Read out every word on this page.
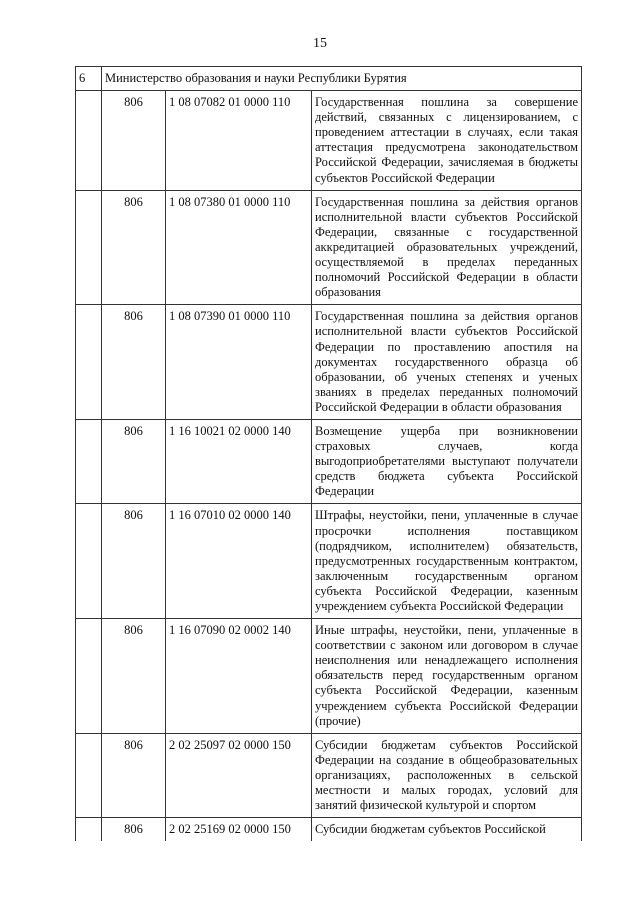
15
6	Министерство образования и науки Республики Бурятия		
	806	1 08 07082 01 0000 110	Государственная пошлина за совершение действий, связанных с лицензированием, с проведением аттестации в случаях, если такая аттестация предусмотрена законодательством Российской Федерации, зачисляемая в бюджеты субъектов Российской Федерации
	806	1 08 07380 01 0000 110	Государственная пошлина за действия органов исполнительной власти субъектов Российской Федерации, связанные с государственной аккредитацией образовательных учреждений, осуществляемой в пределах переданных полномочий Российской Федерации в области образования
	806	1 08 07390 01 0000 110	Государственная пошлина за действия органов исполнительной власти субъектов Российской Федерации по проставлению апостиля на документах государственного образца об образовании, об ученых степенях и ученых званиях в пределах переданных полномочий Российской Федерации в области образования
	806	1 16 10021 02 0000 140	Возмещение ущерба при возникновении страховых случаев, когда выгодоприобретателями выступают получатели средств бюджета субъекта Российской Федерации
	806	1 16 07010 02 0000 140	Штрафы, неустойки, пени, уплаченные в случае просрочки исполнения поставщиком (подрядчиком, исполнителем) обязательств, предусмотренных государственным контрактом, заключенным государственным органом субъекта Российской Федерации, казенным учреждением субъекта Российской Федерации
	806	1 16 07090 02 0002 140	Иные штрафы, неустойки, пени, уплаченные в соответствии с законом или договором в случае неисполнения или ненадлежащего исполнения обязательств перед государственным органом субъекта Российской Федерации, казенным учреждением субъекта Российской Федерации (прочие)
	806	2 02 25097 02 0000 150	Субсидии бюджетам субъектов Российской Федерации на создание в общеобразовательных организациях, расположенных в сельской местности и малых городах, условий для занятий физической культурой и спортом
	806	2 02 25169 02 0000 150	Субсидии бюджетам субъектов Российской
